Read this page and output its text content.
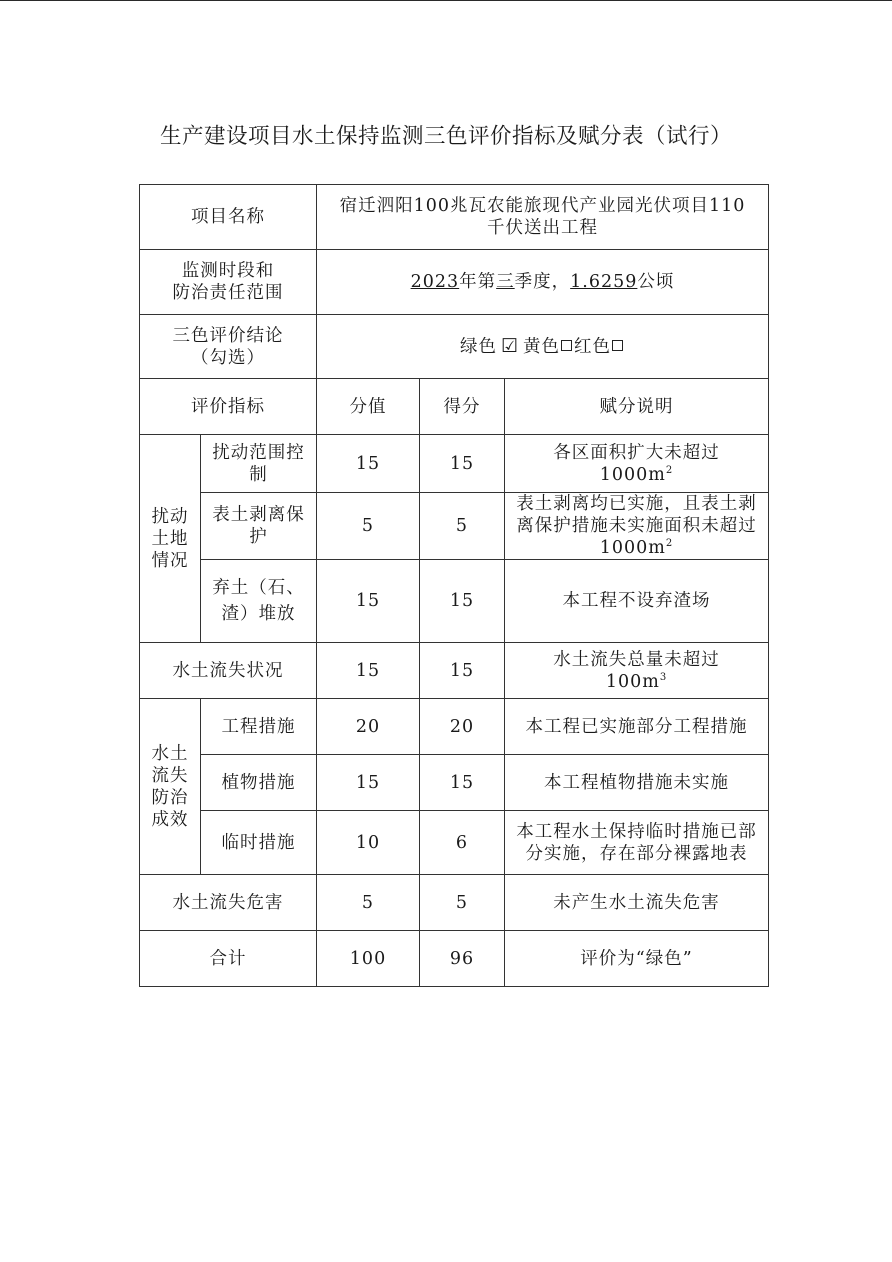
生产建设项目水土保持监测三色评价指标及赋分表（试行）
项目名称		宿迁泗阳100兆瓦农能旅现代产业园光伏项目110千伏送出工程		
监测时段和
防治责任范围		2023年第三季度，1.6259公顷		
三色评价结论
（勾选）		绿色 ☑ 黄色 红色		
评价指标		分值	得分	赋分说明
扰动土地情况	扰动范围控制	15	15	各区面积扩大未超过
$1000m^2$
	表土剥离保护	5	5	表土剥离均已实施，且表土剥离保护措施未实施面积未超过$1000m^2$
	弃土（石、渣）堆放	15	15	本工程不设弃渣场
水土流失状况		15	15	水土流失总量未超过
$100m^3$
水土流失防治成效	工程措施	20	20	本工程已实施部分工程措施
	植物措施	15	15	本工程植物措施未实施
	临时措施	10	6	本工程水土保持临时措施已部分实施，存在部分裸露地表
水土流失危害		5	5	未产生水土流失危害
合计		100	96	评价为“绿色”
